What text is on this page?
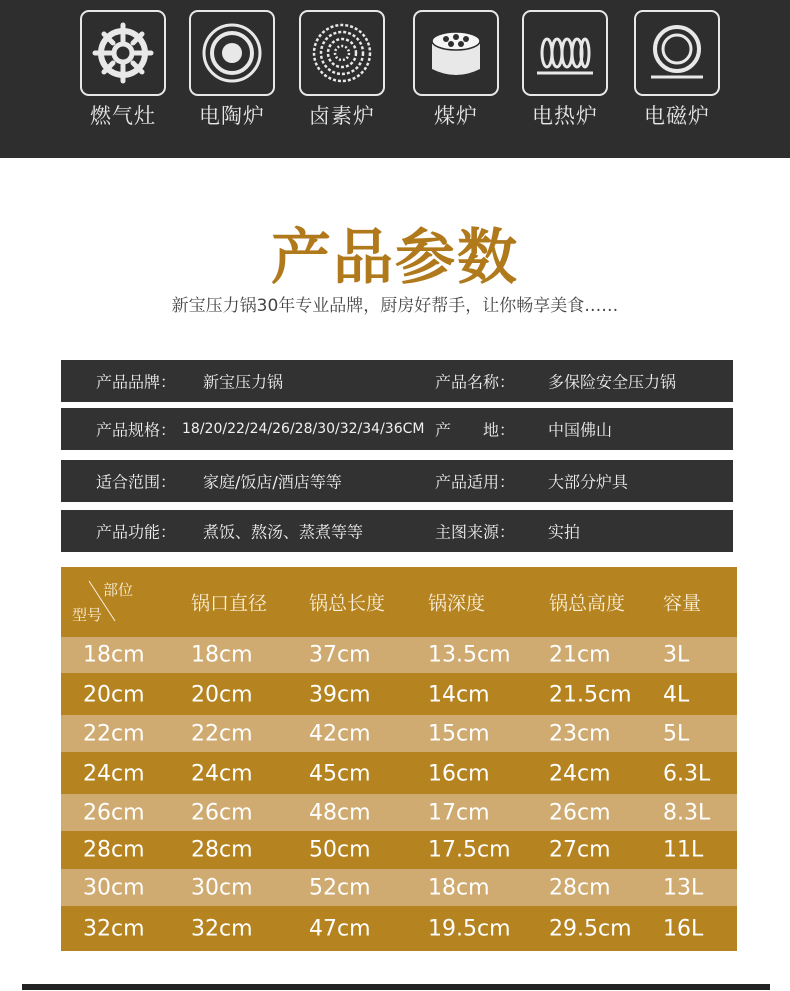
燃气灶	电陶炉	卤素炉	煤炉	电热炉	电磁炉
产品参数
新宝压力锅30年专业品牌，厨房好帮手，让你畅享美食……
产品品牌： 新宝压力锅	产品名称： 多保险安全压力锅
产品规格： 18/20/22/24/26/28/30/32/34/36CM 产　　地： 中国佛山
适合范围： 家庭/饭店/酒店等等	产品适用： 大部分炉具
产品功能： 煮饭、熬汤、蒸煮等等	主图来源： 实拍
部位
型号
锅口直径 锅总长度 锅深度	锅总高度 容量
18cm 18cm	37cm	13.5cm 21cm 3L
20cm 20cm	39cm	14cm	21.5cm 4L
22cm 22cm	42cm	15cm	23cm 5L
24cm 24cm	45cm	16cm	24cm 6.3L
26cm 26cm	48cm	17cm	26cm 8.3L
28cm 28cm	50cm	17.5cm 27cm 11L
30cm 30cm	52cm	18cm	28cm 13L
32cm 32cm	47cm	19.5cm 29.5cm 16L
